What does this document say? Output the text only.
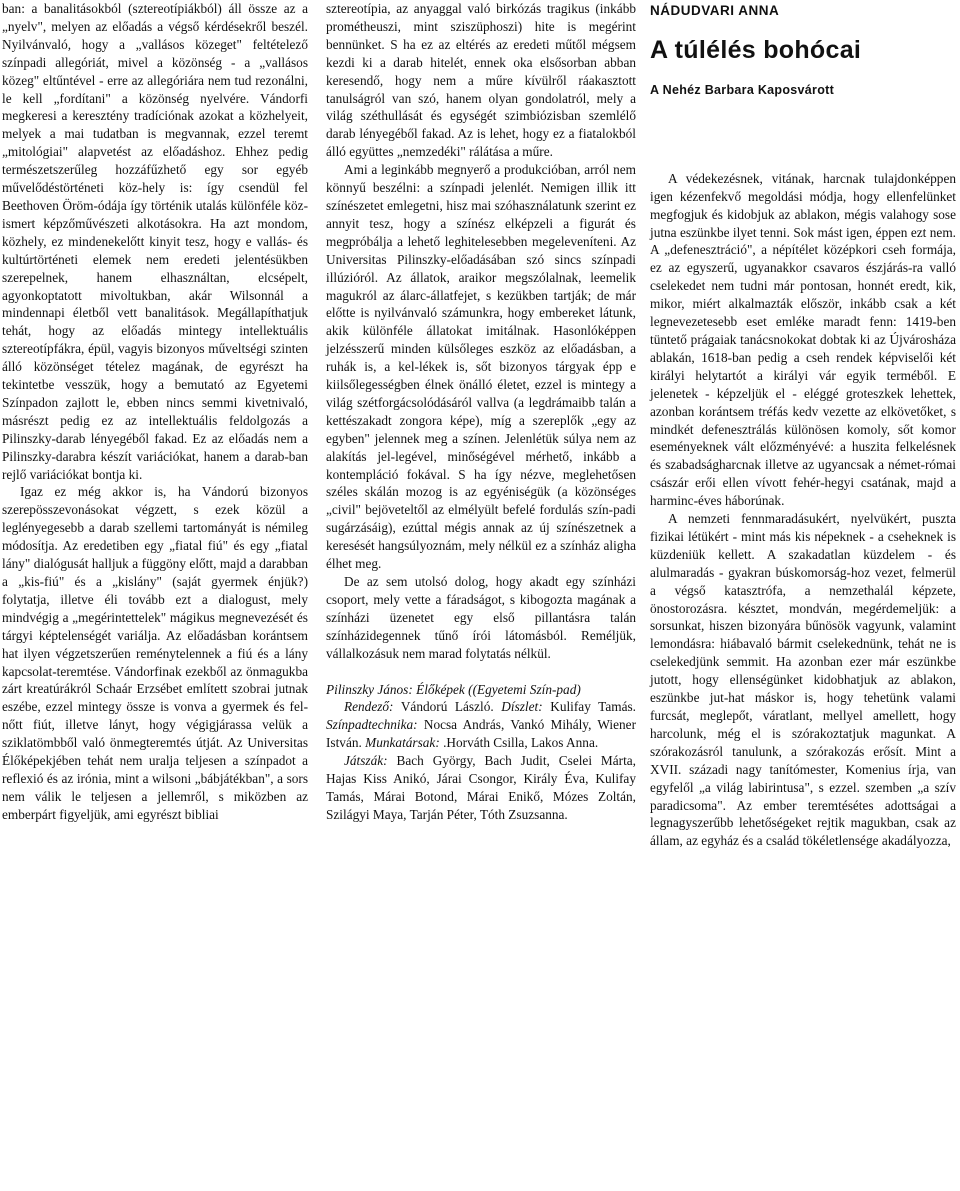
ban: a banalitásokból (sztereotípiákból) áll össze az a „nyelv", melyen az előadás a végső kérdésekről beszél. Nyilvánvaló, hogy a „vallásos közeget" feltételező színpadi allegóriát, mivel a közönség - a „vallásos közeg" eltűntével - erre az allegóriára nem tud rezonálni, le kell „fordítani" a közönség nyelvére. Vándorfi megkeresi a keresztény tradíciónak azokat a közhelyeit, melyek a mai tudatban is megvannak, ezzel teremt „mitológiai" alapvetést az előadáshoz. Ehhez pedig természetszerűleg hozzáfűzhető egy sor egyéb művelődéstörténeti köz-hely is: így csendül fel Beethoven Öröm-ódája így történik utalás különféle köz-ismert képzőművészeti alkotásokra. Ha azt mondom, közhely, ez mindenekelőtt kinyit tesz, hogy e vallás- és kultúrtörténeti elemek nem eredeti jelentésükben szerepelnek, hanem elhasználtan, elcsépelt, agyonkoptatott mivoltukban, akár Wilsonnál a mindennapi életből vett banalitások. Megállapíthatjuk tehát, hogy az előadás mintegy intellektuális sztereotípfákra, épül, vagyis bizonyos műveltségi szinten álló közönséget tételez magának, de egyrészt ha tekintetbe vesszük, hogy a bemutató az Egyetemi Színpadon zajlott le, ebben nincs semmi kivetnivaló, másrészt pedig ez az intellektuális feldolgozás a Pilinszky-darab lényegéből fakad. Ez az előadás nem a Pilinszky-darabra készít variációkat, hanem a darab-ban rejlő variációkat bontja ki.

Igaz ez még akkor is, ha Vándorú bizonyos szerepösszevonásokat végzett, s ezek közül a leglényegesebb a darab szellemi tartományát is némileg módosítja. Az eredetiben egy „fiatal fiú" és egy „fiatal lány" dialógusát halljuk a függöny előtt, majd a darabban a „kis-fiú" és a „kislány" (saját gyermek énjük?) folytatja, illetve éli tovább ezt a dialogust, mely mindvégig a „megérintettelek" mágikus megnevezését és tárgyi képtelenségét variálja. Az előadásban korántsem hat ilyen végzetszerűen reménytelennek a fiú és a lány kapcsolat-teremtése. Vándorfinak ezekből az önmagukba zárt kreatúrákról Schaár Erzsébet említett szobrai jutnak eszébe, ezzel mintegy össze is vonva a gyermek és fel-nőtt fiút, illetve lányt, hogy végigjárassa velük a sziklatömbből való önmegteremtés útját. Az Universitas Élőképekjében tehát nem uralja teljesen a színpadot a reflexió és az irónia, mint a wilsoni „bábjátékban", a sors nem válik le teljesen a jellemről, s miközben az emberpárt figyeljük, ami egyrészt bibliai

sztereotípia, az anyaggal való birkózás tragikus (inkább prométheuszi, mint sziszüphoszi) hite is megérint bennünket. S ha ez az eltérés az eredeti műtől mégsem kezdi ki a darab hitelét, ennek oka elsősorban abban keresendő, hogy nem a műre kívülről ráakasztott tanulságról van szó, hanem olyan gondolatról, mely a világ széthullását és egységét szimbiózisban szemlélő darab lényegéből fakad. Az is lehet, hogy ez a fiatalokból álló együttes „nemzedéki" rálátása a műre.

Ami a leginkább megnyerő a produkcióban, arról nem könnyű beszélni: a színpadi jelenlét. Nemigen illik itt színészetet emlegetni, hisz mai szóhasználatunk szerint ez annyit tesz, hogy a színész elképzeli a figurát és megpróbálja a lehető leghitelesebben megeleveníteni. Az Universitas Pilinszky-előadásában szó sincs színpadi illúzióról. Az állatok, araikor megszólalnak, leemelik magukról az álarc-állatfejet, s kezükben tartják; de már előtte is nyilvánvaló számunkra, hogy embereket látunk, akik különféle állatokat imitálnak. Hasonlóképpen jelzésszerű minden külsőleges eszköz az előadásban, a ruhák is, a kel-lékek is, sőt bizonyos tárgyak épp e kiilsőlegességben élnek önálló életet, ezzel is mintegy a világ szétforgácsolódásáról vallva (a legdrámaibb talán a kettészakadt zongora képe), míg a szereplők „egy az egyben" jelennek meg a színen. Jelenlétük súlya nem az alakítás jel-legével, minőségével mérhető, inkább a kontempláció fokával. S ha így nézve, meglehetősen széles skálán mozog is az egyéniségük (a közönséges „civil" bejöveteltől az elmélyült befelé fordulás szín-padi sugárzásáig), ezúttal mégis annak az új színészetnek a keresését hangsúlyoznám, mely nélkül ez a színház aligha élhet meg.

De az sem utolsó dolog, hogy akadt egy színházi csoport, mely vette a fáradságot, s kibogozta magának a színházi üzenetet egy első pillantásra talán színházidegennek tűnő írói látomásból. Reméljük, vállalkozásuk nem marad folytatás nélkül.

Pilinszky János: Élőképek ((Egyetemi Szín-pad)

Rendező: Vándorú László. Díszlet: Kulifay Tamás. Színpadtechnika: Nocsa András, Vankó Mihály, Wiener István. Munkatársak: .Horváth Csilla, Lakos Anna.

Játszák: Bach György, Bach Judit, Cselei Márta, Hajas Kiss Anikó, Járai Csongor, Király Éva, Kulifay Tamás, Márai Botond, Márai Enikő, Mózes Zoltán, Szilágyi Maya, Tarján Péter, Tóth Zsuzsanna.

NÁDUDVARI ANNA
A túlélés bohócai
A Nehéz Barbara Kaposvárott

A védekezésnek, vitának, harcnak tulajdonképpen igen kézenfekvő megoldási módja, hogy ellenfelünket megfogjuk és kidobjuk az ablakon, mégis valahogy sose jutna eszünkbe ilyet tenni. Sok mást igen, éppen ezt nem. A „defenesztráció", a népítélet középkori cseh formája, ez az egyszerű, ugyanakkor csavaros észjárás-ra valló cselekedet nem tudni már pontosan, honnét eredt, kik, mikor, miért alkalmazták először, inkább csak a két legnevezetesebb eset emléke maradt fenn: 1419-ben tüntető prágaiak tanácsnokokat dobtak ki az Újvárosháza ablakán, 1618-ban pedig a cseh rendek képviselői két királyi helytartót a királyi vár egyik terméből. E jelenetek - képzeljük el - eléggé groteszkek lehettek, azonban korántsem tréfás kedv vezette az elkövetőket, s mindkét defenesztrálás különösen komoly, sőt komor eseményeknek vált előzményévé: a huszita felkelésnek és szabadságharcnak illetve az ugyancsak a német-római császár erői ellen vívott fehér-hegyi csatának, majd a harminc-éves háborúnak.

A nemzeti fennmaradásukért, nyelvükért, puszta fizikai létükért - mint más kis népeknek - a cseheknek is küzdeniük kellett. A szakadatlan küzdelem - és alulmaradás - gyakran búskomorság-hoz vezet, felmerül a végső katasztrófa, a nemzethalál képzete, önostorozásra. késztet, mondván, megérdemeljük: a sorsunkat, hiszen bizonyára bűnösök vagyunk, valamint lemondásra: hiábavaló bármit cselekednünk, tehát ne is cselekedjünk semmit. Ha azonban ezer már eszünkbe jutott, hogy ellenségünket kidobhatjuk az ablakon, eszünkbe jut-hat máskor is, hogy tehetünk valami furcsát, meglepőt, váratlant, mellyel amellett, hogy harcolunk, még el is szórakoztatjuk magunkat. A szórakozásról tanulunk, a szórakozás erősít. Mint a XVII. századi nagy tanítómester, Komenius írja, van egyfelől „a világ labirintusa", s ezzel. szemben „a szív paradicsoma". Az ember teremtésétes adottságai a legnagyszerűbb lehetőségeket rejtik magukban, csak az állam, az egyház és a család tökéletlensége akadályozza,
